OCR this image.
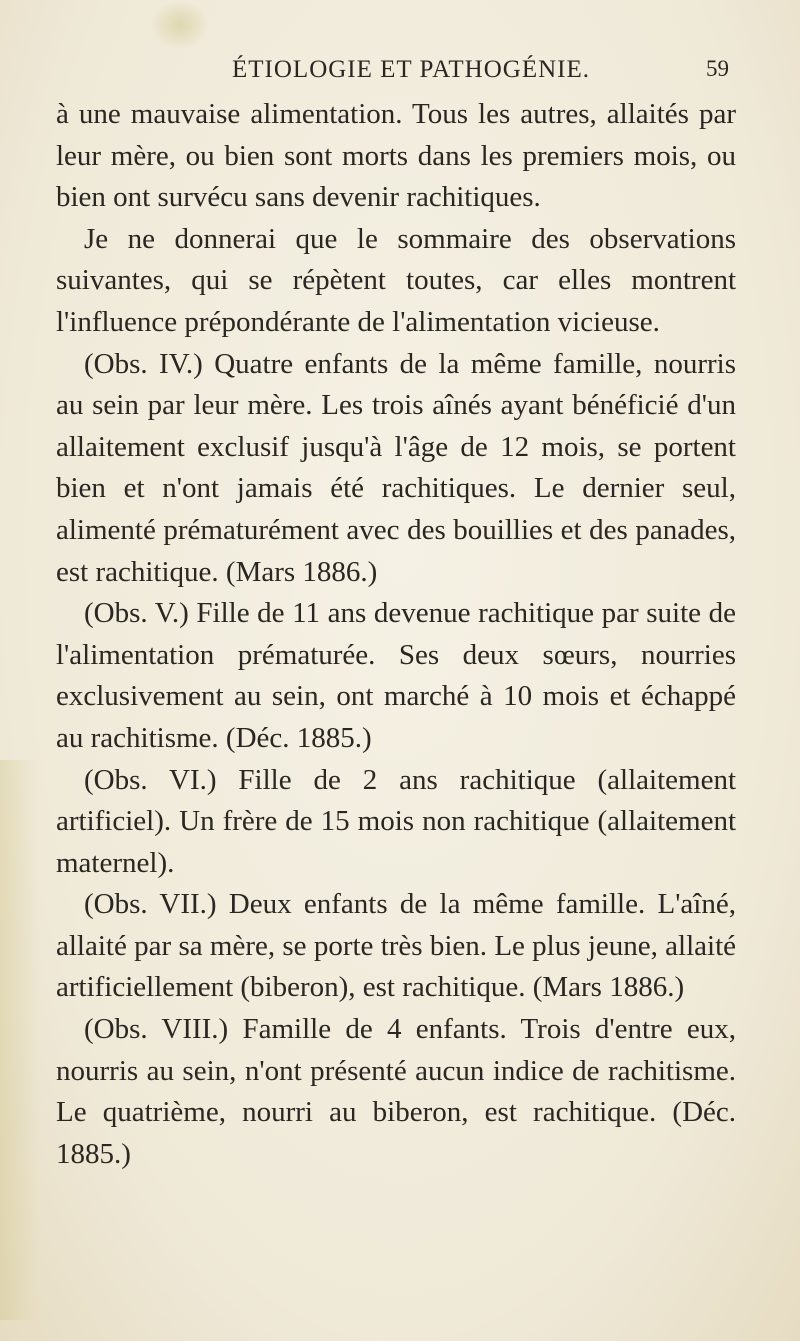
ÉTIOLOGIE ET PATHOGÉNIE.	59

à une mauvaise alimentation. Tous les autres, allaités par leur mère, ou bien sont morts dans les premiers mois, ou bien ont survécu sans devenir rachitiques.

Je ne donnerai que le sommaire des observations suivantes, qui se répètent toutes, car elles montrent l'influence prépondérante de l'alimentation vicieuse.

(Obs. IV.) Quatre enfants de la même famille, nourris au sein par leur mère. Les trois aînés ayant bénéficié d'un allaitement exclusif jusqu'à l'âge de 12 mois, se portent bien et n'ont jamais été rachitiques. Le dernier seul, alimenté prématurément avec des bouillies et des panades, est rachitique. (Mars 1886.)

(Obs. V.) Fille de 11 ans devenue rachitique par suite de l'alimentation prématurée. Ses deux sœurs, nourries exclusivement au sein, ont marché à 10 mois et échappé au rachitisme. (Déc. 1885.)

(Obs. VI.) Fille de 2 ans rachitique (allaitement artificiel). Un frère de 15 mois non rachitique (allaitement maternel).

(Obs. VII.) Deux enfants de la même famille. L'aîné, allaité par sa mère, se porte très bien. Le plus jeune, allaité artificiellement (biberon), est rachitique. (Mars 1886.)

(Obs. VIII.) Famille de 4 enfants. Trois d'entre eux, nourris au sein, n'ont présenté aucun indice de rachitisme. Le quatrième, nourri au biberon, est rachitique. (Déc. 1885.)
